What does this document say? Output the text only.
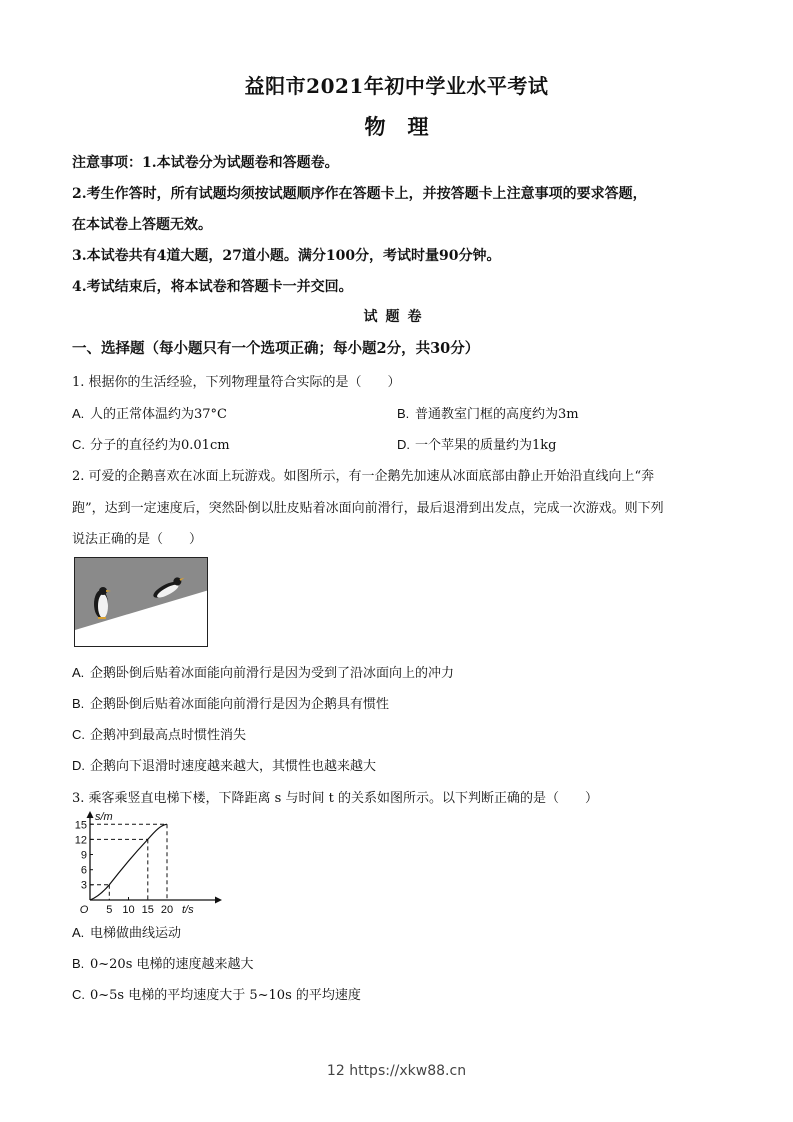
益阳市2021年初中学业水平考试
物 理
注意事项：1.本试卷分为试题卷和答题卷。
2.考生作答时，所有试题均须按试题顺序作在答题卡上，并按答题卡上注意事项的要求答题，
在本试卷上答题无效。
3.本试卷共有4道大题，27道小题。满分100分，考试时量90分钟。
4.考试结束后，将本试卷和答题卡一并交回。
试题卷
一、选择题（每小题只有一个选项正确；每小题2分，共30分）
1. 根据你的生活经验，下列物理量符合实际的是（　　）
A. 人的正常体温约为37°C	B. 普通教室门框的高度约为3m
C. 分子的直径约为0.01cm	D. 一个苹果的质量约为1kg
2. 可爱的企鹅喜欢在冰面上玩游戏。如图所示，有一企鹅先加速从冰面底部由静止开始沿直线向上“奔
跑”，达到一定速度后，突然卧倒以肚皮贴着冰面向前滑行，最后退滑到出发点，完成一次游戏。则下列
说法正确的是（　　）
A. 企鹅卧倒后贴着冰面能向前滑行是因为受到了沿冰面向上的冲力
B. 企鹅卧倒后贴着冰面能向前滑行是因为企鹅具有惯性
C. 企鹅冲到最高点时惯性消失
D. 企鹅向下退滑时速度越来越大，其惯性也越来越大
3. 乘客乘竖直电梯下楼，下降距离 s 与时间 t 的关系如图所示。以下判断正确的是（　　）
3
6
9
12
15
5 10 15 20
O	t/s
s/m
A. 电梯做曲线运动
B. 0~20s 电梯的速度越来越大
C. 0~5s 电梯的平均速度大于 5~10s 的平均速度
12 https://xkw88.cn
